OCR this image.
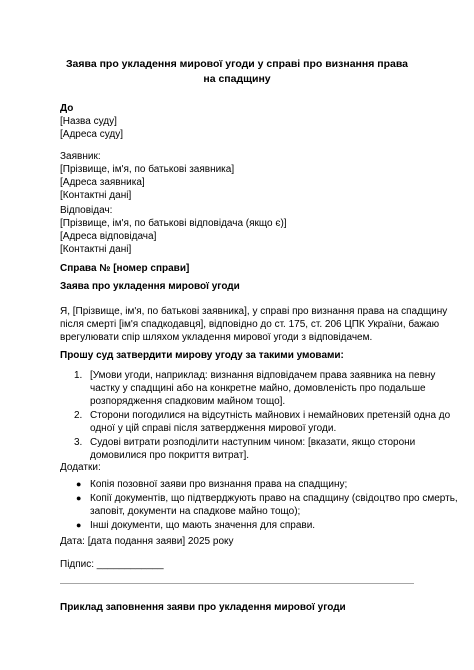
Заява про укладення мирової угоди у справі про визнання права на спадщину
До
[Назва суду]
[Адреса суду]
Заявник:
[Прізвище, ім'я, по батькові заявника]
[Адреса заявника]
[Контактні дані]
Відповідач:
[Прізвище, ім'я, по батькові відповідача (якщо є)]
[Адреса відповідача]
[Контактні дані]
Справа № [номер справи]
Заява про укладення мирової угоди
Я, [Прізвище, ім'я, по батькові заявника], у справі про визнання права на спадщину
після смерті [ім'я спадкодавця], відповідно до ст. 175, ст. 206 ЦПК України, бажаю
врегулювати спір шляхом укладення мирової угоди з відповідачем.
Прошу суд затвердити мирову угоду за такими умовами:
1. [Умови угоди, наприклад: визнання відповідачем права заявника на певну
частку у спадщині або на конкретне майно, домовленість про подальше
розпорядження спадковим майном тощо].
2. Сторони погодилися на відсутність майнових і немайнових претензій одна до
одної у цій справі після затвердження мирової угоди.
3. Судові витрати розподілити наступним чином: [вказати, якщо сторони
домовилися про покриття витрат].
Додатки:
● Копія позовної заяви про визнання права на спадщину;
● Копії документів, що підтверджують право на спадщину (свідоцтво про смерть,
заповіт, документи на спадкове майно тощо);
● Інші документи, що мають значення для справи.
Дата: [дата подання заяви] 2025 року
Підпис: ____________
Приклад заповнення заяви про укладення мирової угоди
